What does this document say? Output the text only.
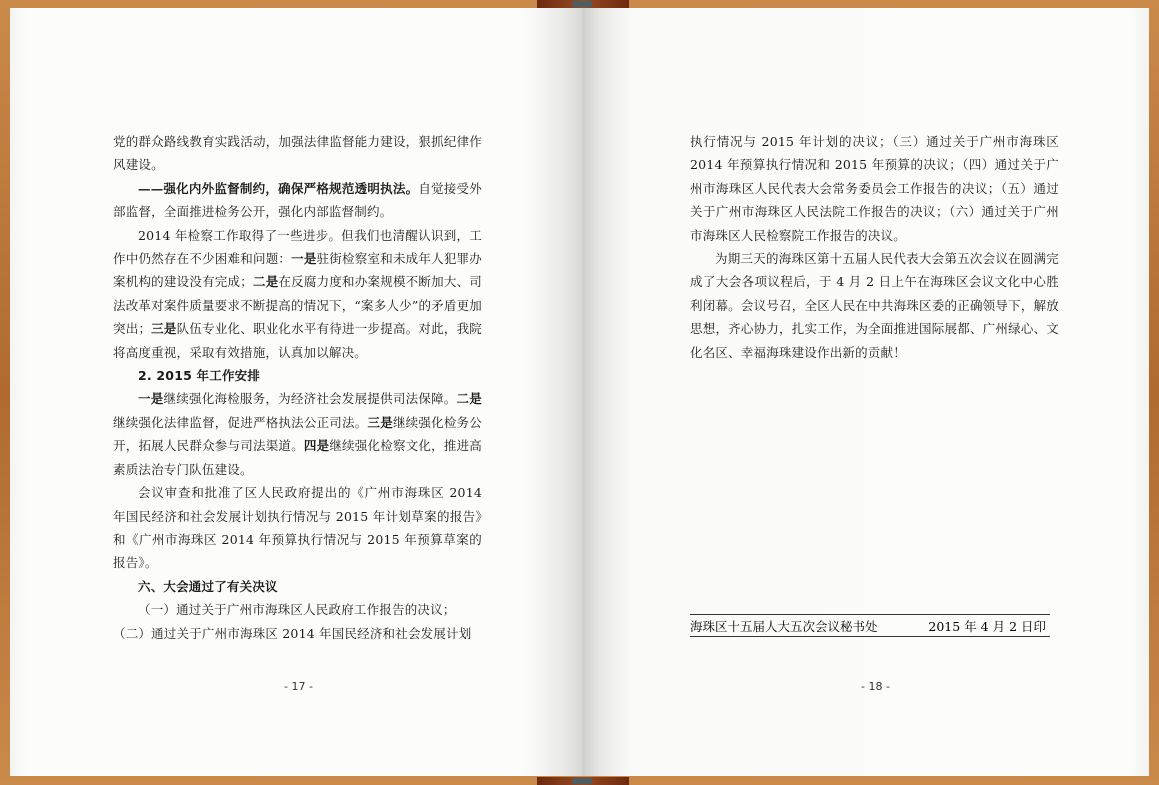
党的群众路线教育实践活动，加强法律监督能力建设，狠抓纪律作风建设。

——强化内外监督制约，确保严格规范透明执法。自觉接受外部监督，全面推进检务公开，强化内部监督制约。

2014 年检察工作取得了一些进步。但我们也清醒认识到，工作中仍然存在不少困难和问题：一是驻街检察室和未成年人犯罪办案机构的建设没有完成；二是在反腐力度和办案规模不断加大、司法改革对案件质量要求不断提高的情况下，“案多人少”的矛盾更加突出；三是队伍专业化、职业化水平有待进一步提高。对此，我院将高度重视，采取有效措施，认真加以解决。

2. 2015 年工作安排

一是继续强化海检服务，为经济社会发展提供司法保障。二是继续强化法律监督，促进严格执法公正司法。三是继续强化检务公开，拓展人民群众参与司法渠道。四是继续强化检察文化，推进高素质法治专门队伍建设。

会议审查和批准了区人民政府提出的《广州市海珠区 2014 年国民经济和社会发展计划执行情况与 2015 年计划草案的报告》和《广州市海珠区 2014 年预算执行情况与 2015 年预算草案的报告》。

六、大会通过了有关决议

（一）通过关于广州市海珠区人民政府工作报告的决议；

（二）通过关于广州市海珠区 2014 年国民经济和社会发展计划

- 17 -

执行情况与 2015 年计划的决议；（三）通过关于广州市海珠区 2014 年预算执行情况和 2015 年预算的决议；（四）通过关于广州市海珠区人民代表大会常务委员会工作报告的决议；（五）通过关于广州市海珠区人民法院工作报告的决议；（六）通过关于广州市海珠区人民检察院工作报告的决议。

为期三天的海珠区第十五届人民代表大会第五次会议在圆满完成了大会各项议程后，于 4 月 2 日上午在海珠区会议文化中心胜利闭幕。会议号召，全区人民在中共海珠区委的正确领导下，解放思想，齐心协力，扎实工作，为全面推进国际展都、广州绿心、文化名区、幸福海珠建设作出新的贡献！

海珠区十五届人大五次会议秘书处	2015 年 4 月 2 日印
- 18 -
